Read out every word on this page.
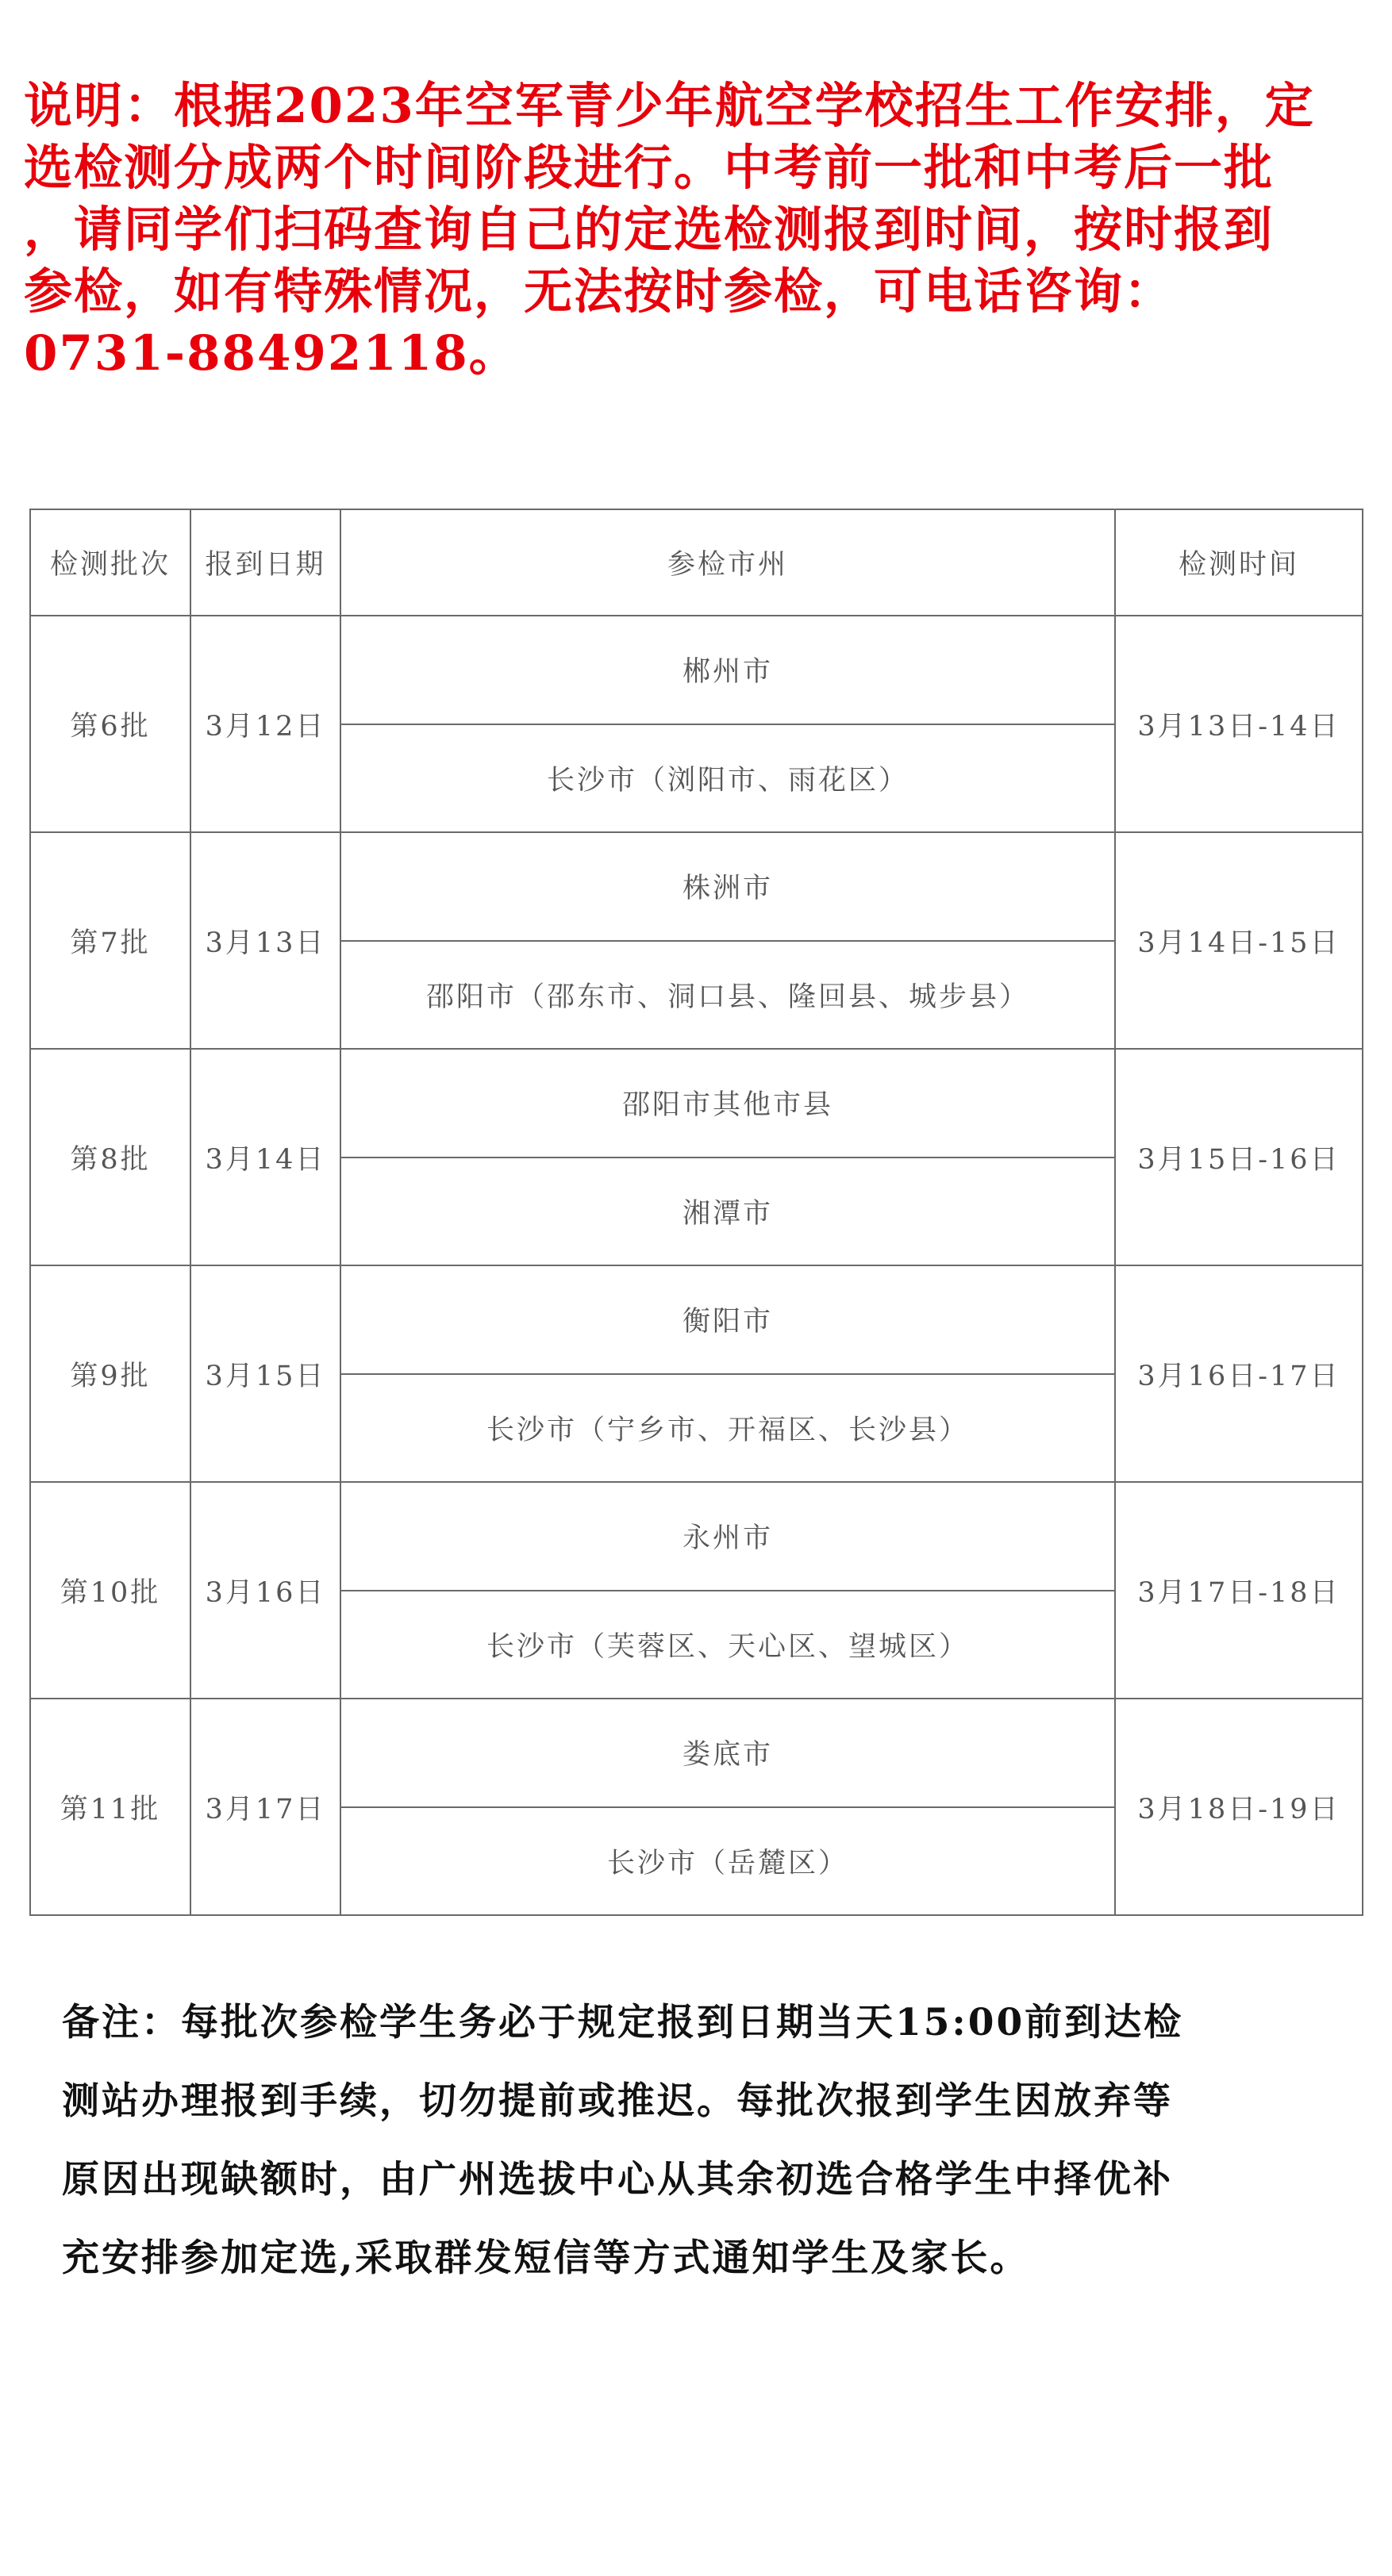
说明：根据2023年空军青少年航空学校招生工作安排，定
选检测分成两个时间阶段进行。中考前一批和中考后一批
，请同学们扫码查询自己的定选检测报到时间，按时报到
参检，如有特殊情况，无法按时参检，可电话咨询：
0731-88492118。

检测批次	报到日期	参检市州	检测时间
第6批	3月12日	郴州市	3月13日-14日
		长沙市（浏阳市、雨花区）	
第7批	3月13日	株洲市	3月14日-15日
		邵阳市（邵东市、洞口县、隆回县、城步县）	
第8批	3月14日	邵阳市其他市县	3月15日-16日
		湘潭市	
第9批	3月15日	衡阳市	3月16日-17日
		长沙市（宁乡市、开福区、长沙县）	
第10批	3月16日	永州市	3月17日-18日
		长沙市（芙蓉区、天心区、望城区）	
第11批	3月17日	娄底市	3月18日-19日
		长沙市（岳麓区）	

备注：每批次参检学生务必于规定报到日期当天15:00前到达检
测站办理报到手续，切勿提前或推迟。每批次报到学生因放弃等
原因出现缺额时，由广州选拔中心从其余初选合格学生中择优补
充安排参加定选,采取群发短信等方式通知学生及家长。
